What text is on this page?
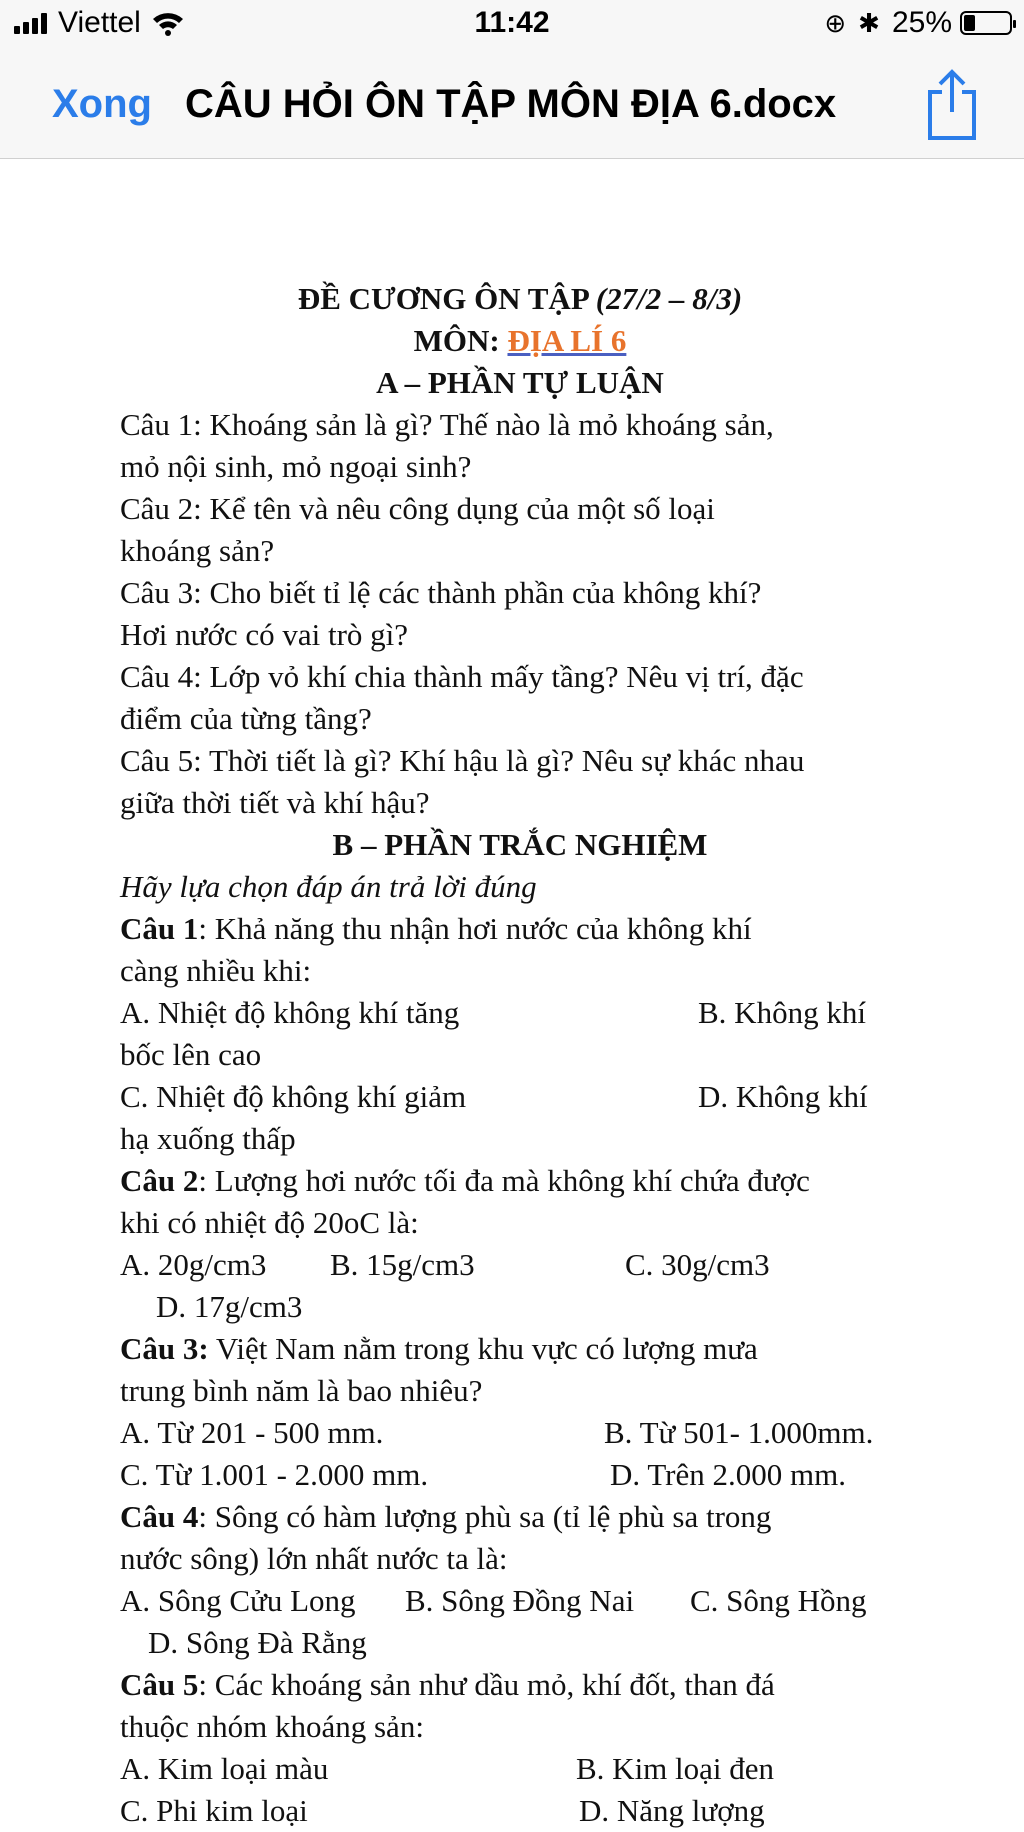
Viettel	11:42	⊕ ✱ 25%
Xong CÂU HỎI ÔN TẬP MÔN ĐỊA 6.docx
ĐỀ CƯƠNG ÔN TẬP (27/2 – 8/3)
MÔN: ĐỊA LÍ 6
A – PHẦN TỰ LUẬN
Câu 1: Khoáng sản là gì? Thế nào là mỏ khoáng sản,
mỏ nội sinh, mỏ ngoại sinh?
Câu 2: Kể tên và nêu công dụng của một số loại
khoáng sản?
Câu 3: Cho biết tỉ lệ các thành phần của không khí?
Hơi nước có vai trò gì?
Câu 4: Lớp vỏ khí chia thành mấy tầng? Nêu vị trí, đặc
điểm của từng tầng?
Câu 5: Thời tiết là gì? Khí hậu là gì? Nêu sự khác nhau
giữa thời tiết và khí hậu?
B – PHẦN TRẮC NGHIỆM
Hãy lựa chọn đáp án trả lời đúng
Câu 1: Khả năng thu nhận hơi nước của không khí
càng nhiều khi:
A. Nhiệt độ không khí tăng	B. Không khí
bốc lên cao
C. Nhiệt độ không khí giảm	D. Không khí
hạ xuống thấp
Câu 2: Lượng hơi nước tối đa mà không khí chứa được
khi có nhiệt độ 20oC là:
A. 20g/cm3 B. 15g/cm3	C. 30g/cm3
D. 17g/cm3
Câu 3: Việt Nam nằm trong khu vực có lượng mưa
trung bình năm là bao nhiêu?
A. Từ 201 - 500 mm.	B. Từ 501- 1.000mm.
C. Từ 1.001 - 2.000 mm.	D. Trên 2.000 mm.
Câu 4: Sông có hàm lượng phù sa (tỉ lệ phù sa trong
nước sông) lớn nhất nước ta là:
A. Sông Cửu Long B. Sông Đồng Nai C. Sông Hồng
D. Sông Đà Rằng
Câu 5: Các khoáng sản như dầu mỏ, khí đốt, than đá
thuộc nhóm khoáng sản:
A. Kim loại màu	B. Kim loại đen
C. Phi kim loại	D. Năng lượng
